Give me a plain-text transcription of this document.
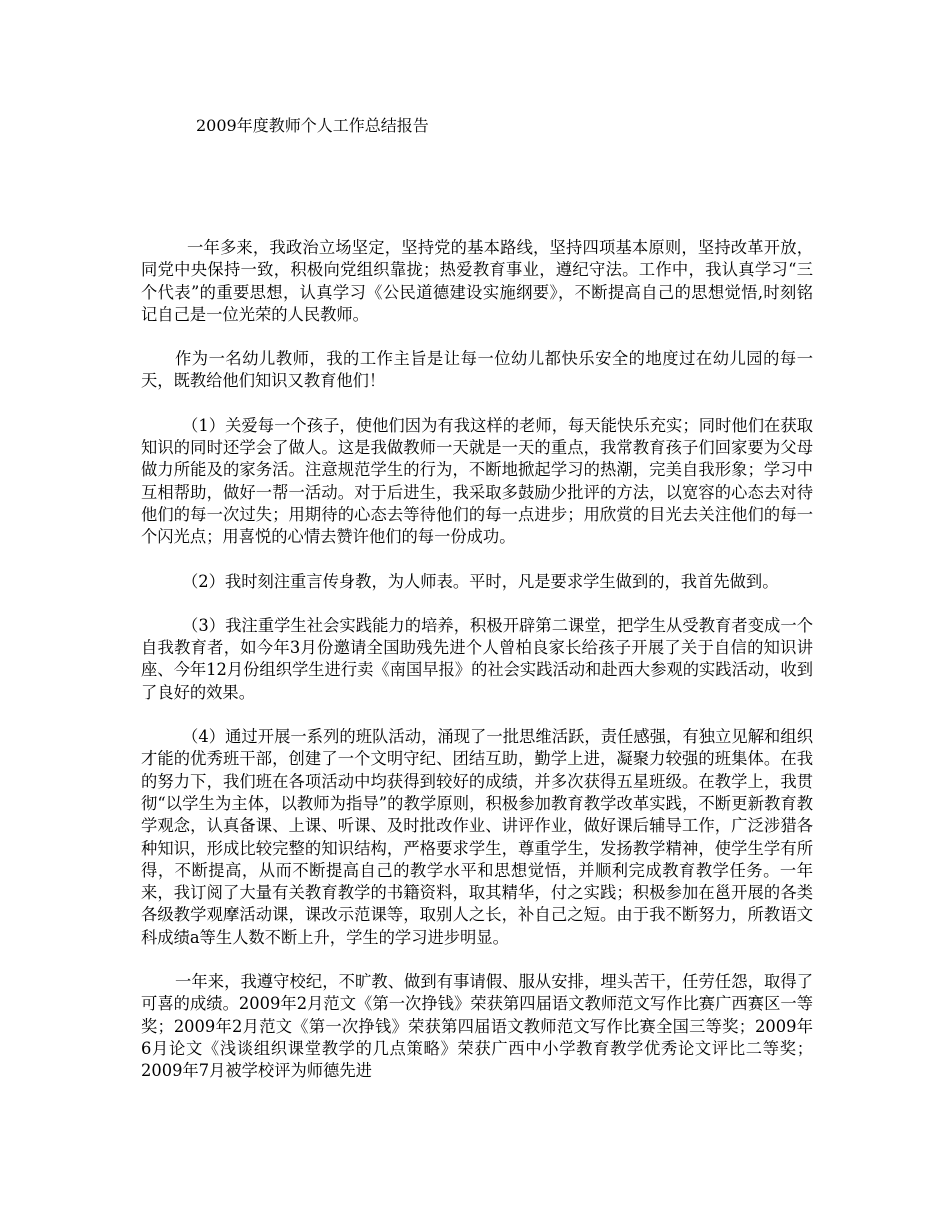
2009年度教师个人工作总结报告

一年多来，我政治立场坚定，坚持党的基本路线，坚持四项基本原则，坚持改革开放，同党中央保持一致，积极向党组织靠拢；热爱教育事业，遵纪守法。工作中，我认真学习“三个代表”的重要思想，认真学习《公民道德建设实施纲要》，不断提高自己的思想觉悟,时刻铭记自己是一位光荣的人民教师。

作为一名幼儿教师，我的工作主旨是让每一位幼儿都快乐安全的地度过在幼儿园的每一天，既教给他们知识又教育他们！

（1）关爱每一个孩子，使他们因为有我这样的老师，每天能快乐充实；同时他们在获取知识的同时还学会了做人。这是我做教师一天就是一天的重点，我常教育孩子们回家要为父母做力所能及的家务活。注意规范学生的行为，不断地掀起学习的热潮，完美自我形象；学习中互相帮助，做好一帮一活动。对于后进生，我采取多鼓励少批评的方法，以宽容的心态去对待他们的每一次过失；用期待的心态去等待他们的每一点进步；用欣赏的目光去关注他们的每一个闪光点；用喜悦的心情去赞许他们的每一份成功。

（2）我时刻注重言传身教，为人师表。平时，凡是要求学生做到的，我首先做到。

（3）我注重学生社会实践能力的培养，积极开辟第二课堂，把学生从受教育者变成一个自我教育者，如今年3月份邀请全国助残先进个人曾柏良家长给孩子开展了关于自信的知识讲座、今年12月份组织学生进行卖《南国早报》的社会实践活动和赴西大参观的实践活动，收到了良好的效果。

（4）通过开展一系列的班队活动，涌现了一批思维活跃，责任感强，有独立见解和组织才能的优秀班干部，创建了一个文明守纪、团结互助，勤学上进，凝聚力较强的班集体。在我的努力下，我们班在各项活动中均获得到较好的成绩，并多次获得五星班级。在教学上，我贯彻“以学生为主体，以教师为指导”的教学原则，积极参加教育教学改革实践，不断更新教育教学观念，认真备课、上课、听课、及时批改作业、讲评作业，做好课后辅导工作，广泛涉猎各种知识，形成比较完整的知识结构，严格要求学生，尊重学生，发扬教学精神，使学生学有所得，不断提高，从而不断提高自己的教学水平和思想觉悟，并顺利完成教育教学任务。一年来，我订阅了大量有关教育教学的书籍资料，取其精华，付之实践；积极参加在邕开展的各类各级教学观摩活动课，课改示范课等，取别人之长，补自己之短。由于我不断努力，所教语文科成绩a等生人数不断上升，学生的学习进步明显。

一年来，我遵守校纪，不旷教、做到有事请假、服从安排，埋头苦干，任劳任怨，取得了可喜的成绩。2009年2月范文《第一次挣钱》荣获第四届语文教师范文写作比赛广西赛区一等奖；2009年2月范文《第一次挣钱》荣获第四届语文教师范文写作比赛全国三等奖；2009年6月论文《浅谈组织课堂教学的几点策略》荣获广西中小学教育教学优秀论文评比二等奖；2009年7月被学校评为师德先进
